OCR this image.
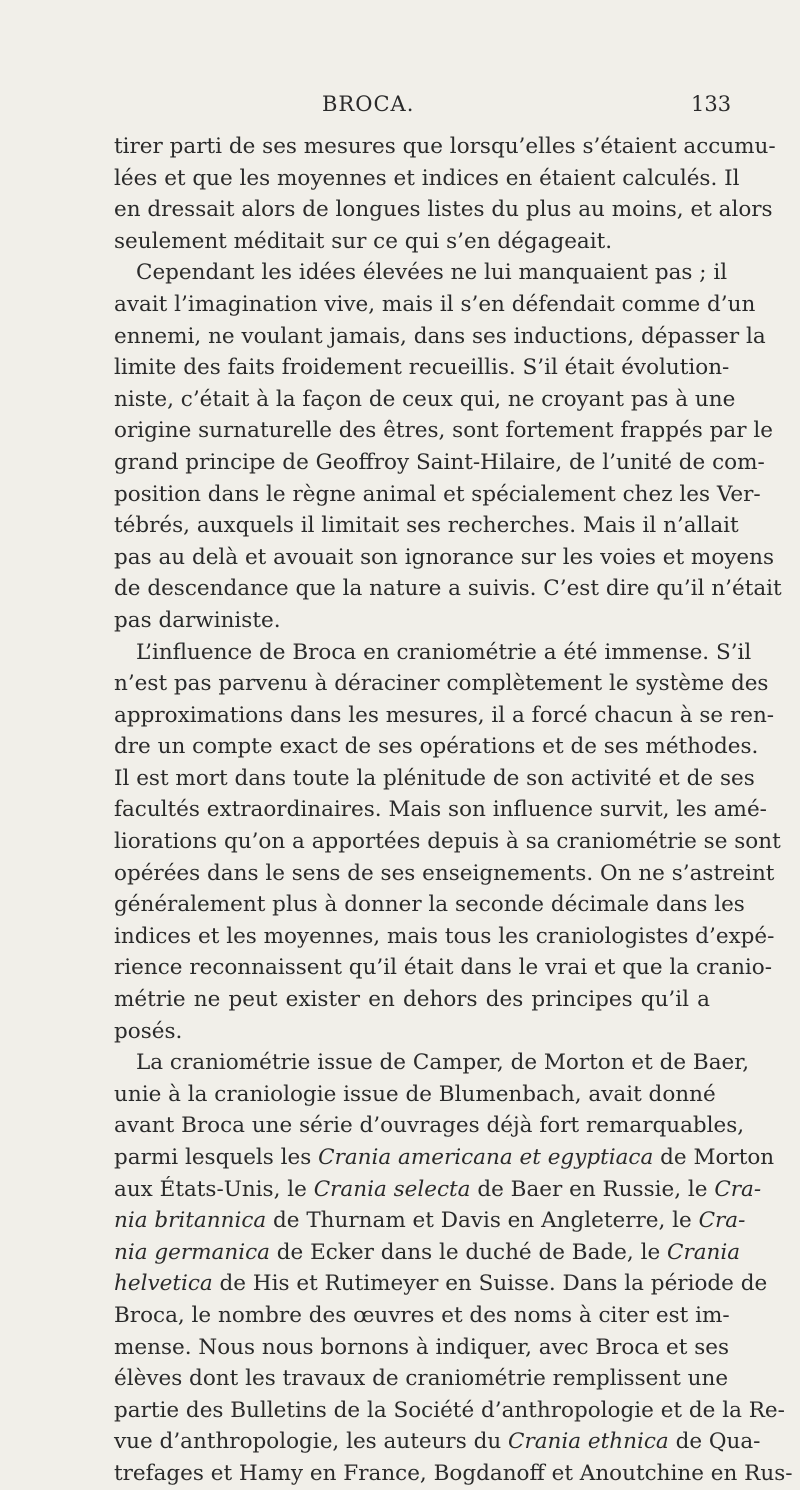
BROCA.	133
tirer parti de ses mesures que lorsqu’elles s’étaient accumu-
lées et que les moyennes et indices en étaient calculés. Il
en dressait alors de longues listes du plus au moins, et alors
seulement méditait sur ce qui s’en dégageait.
Cependant les idées élevées ne lui manquaient pas ; il
avait l’imagination vive, mais il s’en défendait comme d’un
ennemi, ne voulant jamais, dans ses inductions, dépasser la
limite des faits froidement recueillis. S’il était évolution-
niste, c’était à la façon de ceux qui, ne croyant pas à une
origine surnaturelle des êtres, sont fortement frappés par le
grand principe de Geoffroy Saint-Hilaire, de l’unité de com-
position dans le règne animal et spécialement chez les Ver-
tébrés, auxquels il limitait ses recherches. Mais il n’allait
pas au delà et avouait son ignorance sur les voies et moyens
de descendance que la nature a suivis. C’est dire qu’il n’était
pas darwiniste.
L’influence de Broca en craniométrie a été immense. S’il
n’est pas parvenu à déraciner complètement le système des
approximations dans les mesures, il a forcé chacun à se ren-
dre un compte exact de ses opérations et de ses méthodes.
Il est mort dans toute la plénitude de son activité et de ses
facultés extraordinaires. Mais son influence survit, les amé-
liorations qu’on a apportées depuis à sa craniométrie se sont
opérées dans le sens de ses enseignements. On ne s’astreint
généralement plus à donner la seconde décimale dans les
indices et les moyennes, mais tous les craniologistes d’expé-
rience reconnaissent qu’il était dans le vrai et que la cranio-
métrie ne peut exister en dehors des principes qu’il a
posés.
La craniométrie issue de Camper, de Morton et de Baer,
unie à la craniologie issue de Blumenbach, avait donné
avant Broca une série d’ouvrages déjà fort remarquables,
parmi lesquels les Crania americana et egyptiaca de Morton
aux États-Unis, le Crania selecta de Baer en Russie, le Cra-
nia britannica de Thurnam et Davis en Angleterre, le Cra-
nia germanica de Ecker dans le duché de Bade, le Crania
helvetica de His et Rutimeyer en Suisse. Dans la période de
Broca, le nombre des œuvres et des noms à citer est im-
mense. Nous nous bornons à indiquer, avec Broca et ses
élèves dont les travaux de craniométrie remplissent une
partie des Bulletins de la Société d’anthropologie et de la Re-
vue d’anthropologie, les auteurs du Crania ethnica de Qua-
trefages et Hamy en France, Bogdanoff et Anoutchine en Rus-
